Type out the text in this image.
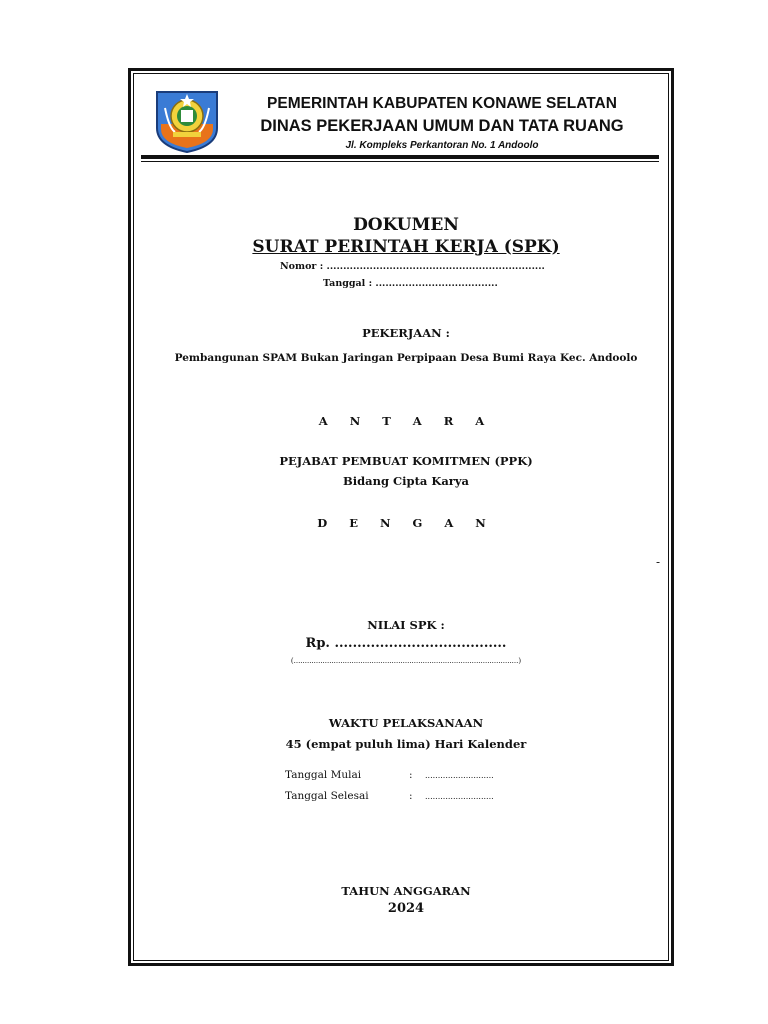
PEMERINTAH KABUPATEN KONAWE SELATAN
DINAS PEKERJAAN UMUM DAN TATA RUANG
Jl. Kompleks Perkantoran No. 1 Andoolo
DOKUMEN
SURAT PERINTAH KERJA (SPK)
Nomor : ..................................................................
Tanggal : .....................................
PEKERJAAN :
Pembangunan SPAM Bukan Jaringan Perpipaan Desa Bumi Raya Kec. Andoolo
A N T A R A
PEJABAT PEMBUAT KOMITMEN (PPK)
Bidang Cipta Karya
D E N G A N
-
NILAI SPK :
Rp. ......................................
(.....................................................................................................)
WAKTU PELAKSANAAN
45 (empat puluh lima) Hari Kalender
Tanggal Mulai	: ...........................
Tanggal Selesai	: ...........................
TAHUN ANGGARAN
2024
